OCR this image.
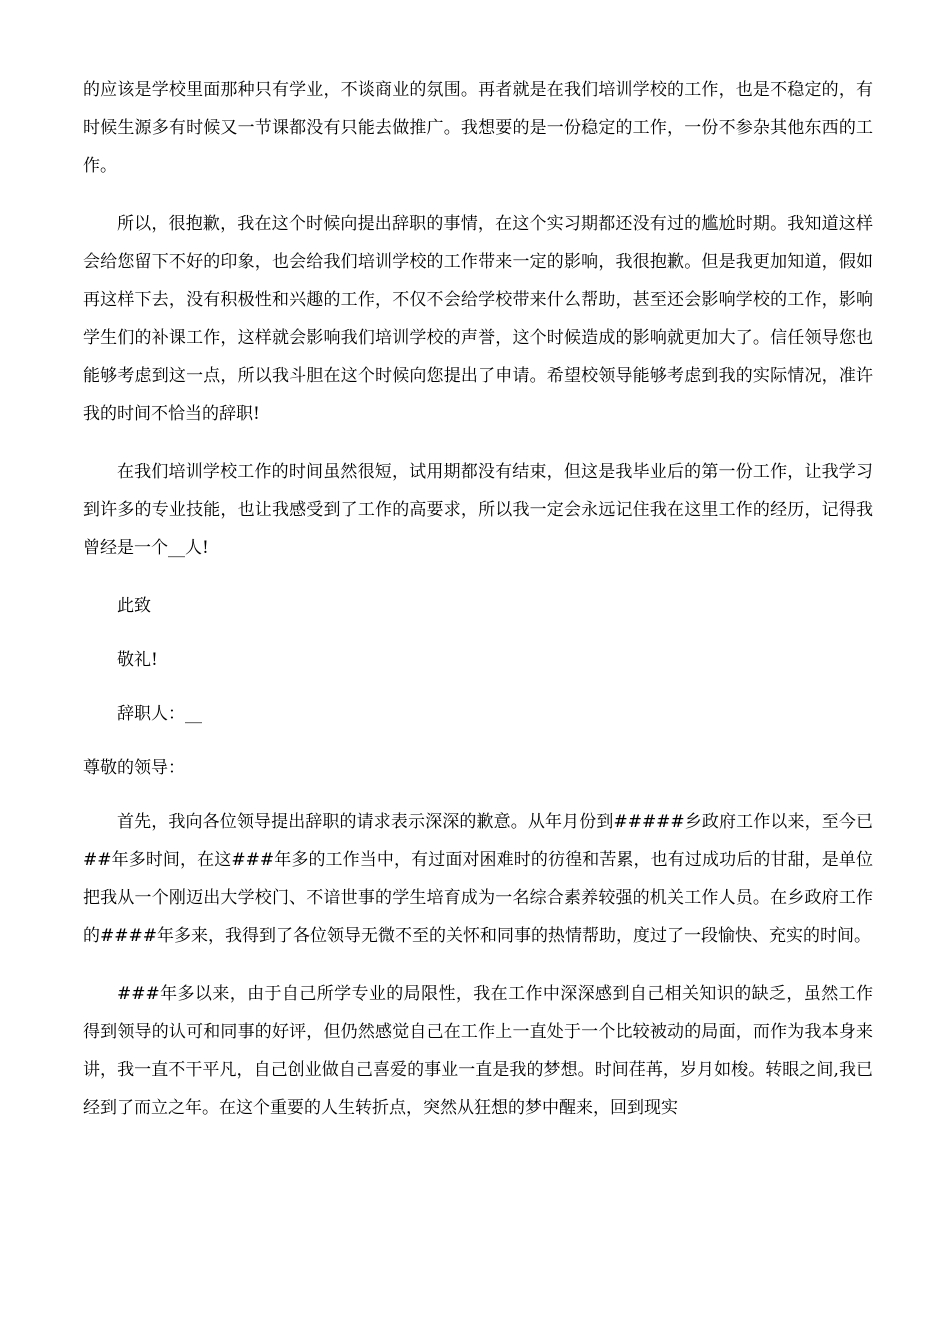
的应该是学校里面那种只有学业，不谈商业的氛围。再者就是在我们培训学校的工作，也是不稳定的，有时候生源多有时候又一节课都没有只能去做推广。我想要的是一份稳定的工作，一份不参杂其他东西的工作。

所以，很抱歉，我在这个时候向提出辞职的事情，在这个实习期都还没有过的尴尬时期。我知道这样会给您留下不好的印象，也会给我们培训学校的工作带来一定的影响，我很抱歉。但是我更加知道，假如再这样下去，没有积极性和兴趣的工作，不仅不会给学校带来什么帮助，甚至还会影响学校的工作，影响学生们的补课工作，这样就会影响我们培训学校的声誉，这个时候造成的影响就更加大了。信任领导您也能够考虑到这一点，所以我斗胆在这个时候向您提出了申请。希望校领导能够考虑到我的实际情况，准许我的时间不恰当的辞职!

在我们培训学校工作的时间虽然很短，试用期都没有结束，但这是我毕业后的第一份工作，让我学习到许多的专业技能，也让我感受到了工作的高要求，所以我一定会永远记住我在这里工作的经历，记得我曾经是一个__人!

此致
敬礼!
辞职人：__
尊敬的领导：

首先，我向各位领导提出辞职的请求表示深深的歉意。从年月份到#####乡政府工作以来，至今已##年多时间，在这###年多的工作当中，有过面对困难时的彷徨和苦累，也有过成功后的甘甜，是单位把我从一个刚迈出大学校门、不谙世事的学生培育成为一名综合素养较强的机关工作人员。在乡政府工作的####年多来，我得到了各位领导无微不至的关怀和同事的热情帮助，度过了一段愉快、充实的时间。

###年多以来，由于自己所学专业的局限性，我在工作中深深感到自己相关知识的缺乏，虽然工作得到领导的认可和同事的好评，但仍然感觉自己在工作上一直处于一个比较被动的局面，而作为我本身来讲，我一直不干平凡，自己创业做自己喜爱的事业一直是我的梦想。时间荏苒，岁月如梭。转眼之间,我已经到了而立之年。在这个重要的人生转折点，突然从狂想的梦中醒来，回到现实
